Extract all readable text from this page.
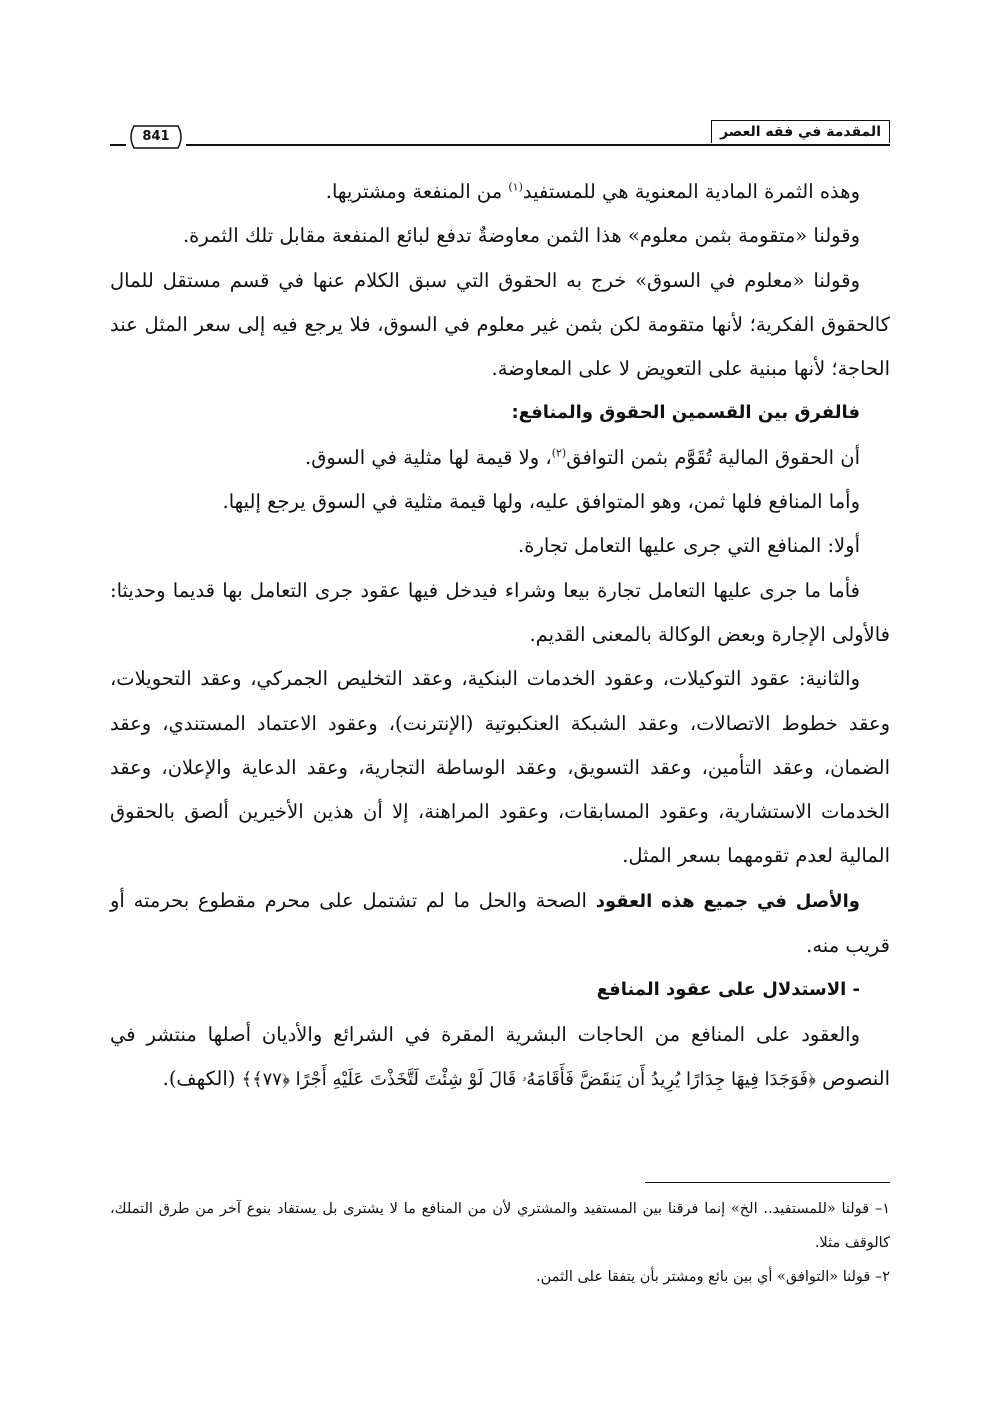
المقدمة في فقه العصر
841

وهذه الثمرة المادية المعنوية هي للمستفيد$^{(١)}$ من المنفعة ومشتريها.

وقولنا «متقومة بثمن معلوم» هذا الثمن معاوضةٌ تدفع لبائع المنفعة مقابل تلك الثمرة.

وقولنا «معلوم في السوق» خرج به الحقوق التي سبق الكلام عنها في قسم مستقل للمال كالحقوق الفكرية؛ لأنها متقومة لكن بثمن غير معلوم في السوق، فلا يرجع فيه إلى سعر المثل عند الحاجة؛ لأنها مبنية على التعويض لا على المعاوضة.

فالفرق بين القسمين الحقوق والمنافع:

أن الحقوق المالية تُقَوَّم بثمن التوافق$^{(٢)}$، ولا قيمة لها مثلية في السوق.

وأما المنافع فلها ثمن، وهو المتوافق عليه، ولها قيمة مثلية في السوق يرجع إليها.

أولا: المنافع التي جرى عليها التعامل تجارة.

فأما ما جرى عليها التعامل تجارة بيعا وشراء فيدخل فيها عقود جرى التعامل بها قديما وحديثا: فالأولى الإجارة وبعض الوكالة بالمعنى القديم.

والثانية: عقود التوكيلات، وعقود الخدمات البنكية، وعقد التخليص الجمركي، وعقد التحويلات، وعقد خطوط الاتصالات، وعقد الشبكة العنكبوتية (الإنترنت)، وعقود الاعتماد المستندي، وعقد الضمان، وعقد التأمين، وعقد التسويق، وعقد الوساطة التجارية، وعقد الدعاية والإعلان، وعقد الخدمات الاستشارية، وعقود المسابقات، وعقود المراهنة، إلا أن هذين الأخيرين ألصق بالحقوق المالية لعدم تقومهما بسعر المثل.

والأصل في جميع هذه العقود الصحة والحل ما لم تشتمل على محرم مقطوع بحرمته أو قريب منه.

- الاستدلال على عقود المنافع

والعقود على المنافع من الحاجات البشرية المقرة في الشرائع والأديان أصلها منتشر في النصوص ﴿فَوَجَدَا فِيهَا جِدَارًا يُرِيدُ أَن يَنقَضَّ فَأَقَامَهُۥ قَالَ لَوْ شِئْتَ لَتَّخَذْتَ عَلَيْهِ أَجْرًا ﴿٧٧﴾﴾ (الكهف).

١– قولنا «للمستفيد.. الخ» إنما فرقنا بين المستفيد والمشتري لأن من المنافع ما لا يشترى بل يستفاد بنوع آخر من طرق التملك، كالوقف مثلا.

٢– قولنا «التوافق» أي بين بائع ومشتر بأن يتفقا على الثمن.
